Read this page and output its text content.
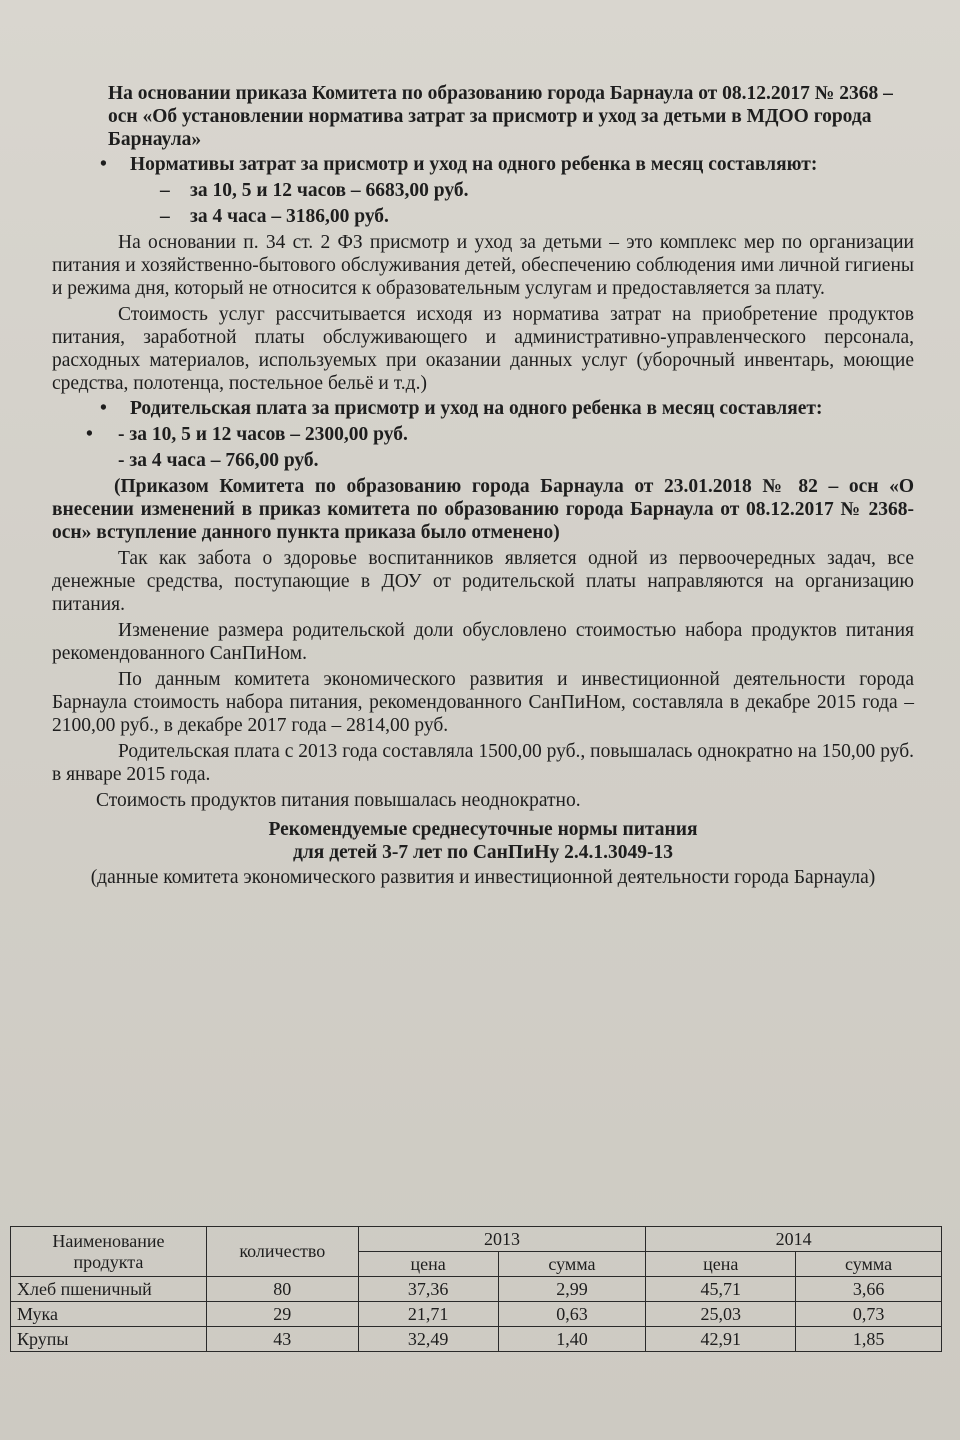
На основании приказа Комитета по образованию города Барнаула от 08.12.2017 № 2368 – осн «Об установлении норматива затрат за присмотр и уход за детьми в МДОО города Барнаула»

• Нормативы затрат за присмотр и уход на одного ребенка в месяц составляют:

– за 10, 5 и 12 часов – 6683,00 руб.

– за 4 часа – 3186,00 руб.

На основании п. 34 ст. 2 ФЗ присмотр и уход за детьми – это комплекс мер по организации питания и хозяйственно-бытового обслуживания детей, обеспечению соблюдения ими личной гигиены и режима дня, который не относится к образовательным услугам и предоставляется за плату.

Стоимость услуг рассчитывается исходя из норматива затрат на приобретение продуктов питания, заработной платы обслуживающего и административно-управленческого персонала, расходных материалов, используемых при оказании данных услуг (уборочный инвентарь, моющие средства, полотенца, постельное бельё и т.д.)

• Родительская плата за присмотр и уход на одного ребенка в месяц составляет:

• - за 10, 5 и 12 часов – 2300,00 руб.

- за 4 часа – 766,00 руб.

(Приказом Комитета по образованию города Барнаула от 23.01.2018 № 82 – осн «О внесении изменений в приказ комитета по образованию города Барнаула от 08.12.2017 № 2368-осн» вступление данного пункта приказа было отменено)

Так как забота о здоровье воспитанников является одной из первоочередных задач, все денежные средства, поступающие в ДОУ от родительской платы направляются на организацию питания.

Изменение размера родительской доли обусловлено стоимостью набора продуктов питания рекомендованного СанПиНом.

По данным комитета экономического развития и инвестиционной деятельности города Барнаула стоимость набора питания, рекомендованного СанПиНом, составляла в декабре 2015 года – 2100,00 руб., в декабре 2017 года – 2814,00 руб.

Родительская плата с 2013 года составляла 1500,00 руб., повышалась однократно на 150,00 руб. в январе 2015 года.

Стоимость продуктов питания повышалась неоднократно.

Рекомендуемые среднесуточные нормы питания

для детей 3-7 лет по СанПиНу 2.4.1.3049-13

(данные комитета экономического развития и инвестиционной деятельности города Барнаула)

Наименование продукта	количество	2013		2014	
		цена	сумма	цена	сумма
Хлеб пшеничный	80	37,36	2,99	45,71	3,66
Мука	29	21,71	0,63	25,03	0,73
Крупы	43	32,49	1,40	42,91	1,85
